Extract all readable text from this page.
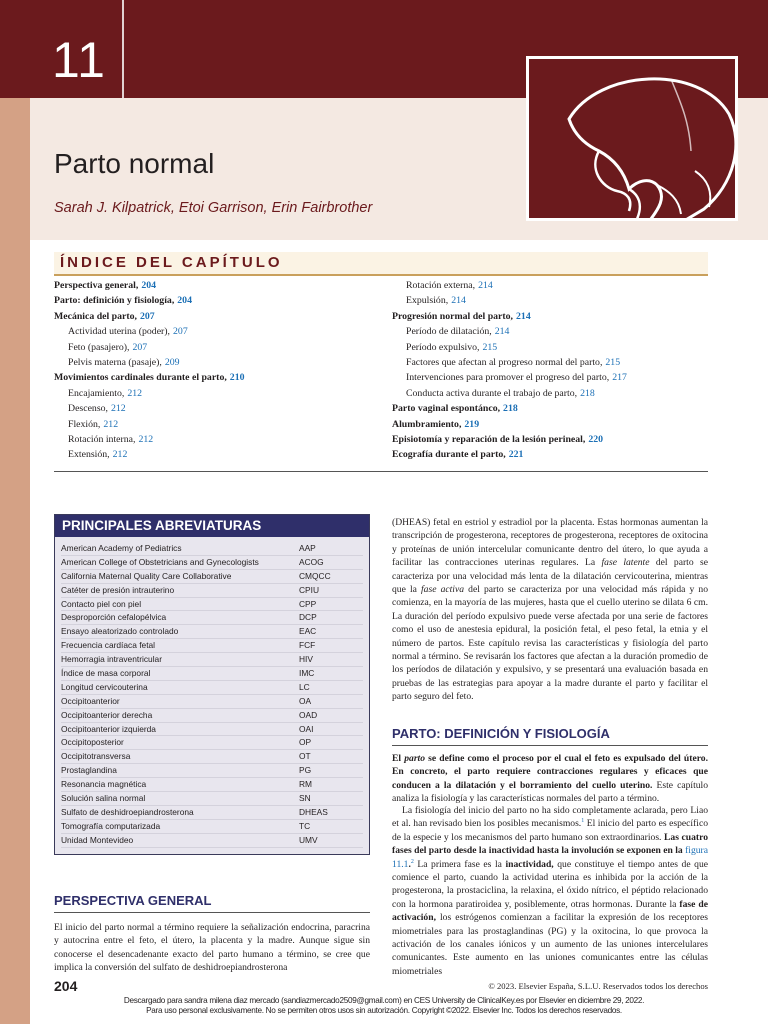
11
Parto normal
Sarah J. Kilpatrick, Etoi Garrison, Erin Fairbrother
ÍNDICE DEL CAPÍTULO
Perspectiva general, 204
Parto: definición y fisiología, 204
Mecánica del parto, 207
Actividad uterina (poder), 207
Feto (pasajero), 207
Pelvis materna (pasaje), 209
Movimientos cardinales durante el parto, 210
Encajamiento, 212
Descenso, 212
Flexión, 212
Rotación interna, 212
Extensión, 212
Rotación externa, 214
Expulsión, 214
Progresión normal del parto, 214
Período de dilatación, 214
Período expulsivo, 215
Factores que afectan al progreso normal del parto, 215
Intervenciones para promover el progreso del parto, 217
Conducta activa durante el trabajo de parto, 218
Parto vaginal espontánco, 218
Alumbramiento, 219
Episiotomía y reparación de la lesión perineal, 220
Ecografía durante el parto, 221
PRINCIPALES ABREVIATURAS
American Academy of Pediatrics	AAP
American College of Obstetricians and Gynecologists	ACOG
California Maternal Quality Care Collaborative	CMQCC
Catéter de presión intrauterino	CPIU
Contacto piel con piel	CPP
Desproporción cefalopélvica	DCP
Ensayo aleatorizado controlado	EAC
Frecuencia cardíaca fetal	FCF
Hemorragia intraventricular	HIV
Índice de masa corporal	IMC
Longitud cervicouterina	LC
Occipitoanterior	OA
Occipitoanterior derecha	OAD
Occipitoanterior izquierda	OAI
Occipitoposterior	OP
Occipitotransversa	OT
Prostaglandina	PG
Resonancia magnética	RM
Solución salina normal	SN
Sulfato de deshidroepiandrosterona	DHEAS
Tomografía computarizada	TC
Unidad Montevideo	UMV
PERSPECTIVA GENERAL
El inicio del parto normal a término requiere la señalización endocrina, paracrina y autocrina entre el feto, el útero, la placenta y la madre. Aunque sigue sin conocerse el desencadenante exacto del parto humano a término, se cree que implica la conversión del sulfato de deshidroepiandrosterona
(DHEAS) fetal en estriol y estradiol por la placenta. Estas hormonas aumentan la transcripción de progesterona, receptores de progesterona, receptores de oxitocina y proteínas de unión intercelular comunicante dentro del útero, lo que ayuda a facilitar las contracciones uterinas regulares. La fase latente del parto se caracteriza por una velocidad más lenta de la dilatación cervicouterina, mientras que la fase activa del parto se caracteriza por una velocidad más rápida y no comienza, en la mayoría de las mujeres, hasta que el cuello uterino se dilata 6 cm. La duración del período expulsivo puede verse afectada por una serie de factores como el uso de anestesia epidural, la posición fetal, el peso fetal, la etnia y el número de partos. Este capítulo revisa las características y fisiología del parto normal a término. Se revisarán los factores que afectan a la duración promedio de los períodos de dilatación y expulsivo, y se presentará una evaluación basada en pruebas de las estrategias para apoyar a la madre durante el parto y facilitar el parto seguro del feto.
PARTO: DEFINICIÓN Y FISIOLOGÍA
El parto se define como el proceso por el cual el feto es expulsado del útero. En concreto, el parto requiere contracciones regulares y eficaces que conducen a la dilatación y el borramiento del cuello uterino. Este capítulo analiza la fisiología y las características normales del parto a término.
La fisiología del inicio del parto no ha sido completamente aclarada, pero Liao et al. han revisado bien los posibles mecanismos.$^1$ El inicio del parto es específico de la especie y los mecanismos del parto humano son extraordinarios. Las cuatro fases del parto desde la inactividad hasta la involución se exponen en la figura 11.1.$^2$ La primera fase es la inactividad, que constituye el tiempo antes de que comience el parto, cuando la actividad uterina es inhibida por la acción de la progesterona, la prostaciclina, la relaxina, el óxido nítrico, el péptido relacionado con la hormona paratiroidea y, posiblemente, otras hormonas. Durante la fase de activación, los estrógenos comienzan a facilitar la expresión de los receptores miometriales para las prostaglandinas (PG) y la oxitocina, lo que provoca la activación de los canales iónicos y un aumento de las uniones intercelulares comunicantes. Este aumento en las uniones comunicantes entre las células miometriales
204	© 2023. Elsevier España, S.L.U. Reservados todos los derechos
Descargado para sandra milena diaz mercado (sandiazmercado2509@gmail.com) en CES University de ClinicalKey.es por Elsevier en diciembre 29, 2022.
Para uso personal exclusivamente. No se permiten otros usos sin autorización. Copyright ©2022. Elsevier Inc. Todos los derechos reservados.
